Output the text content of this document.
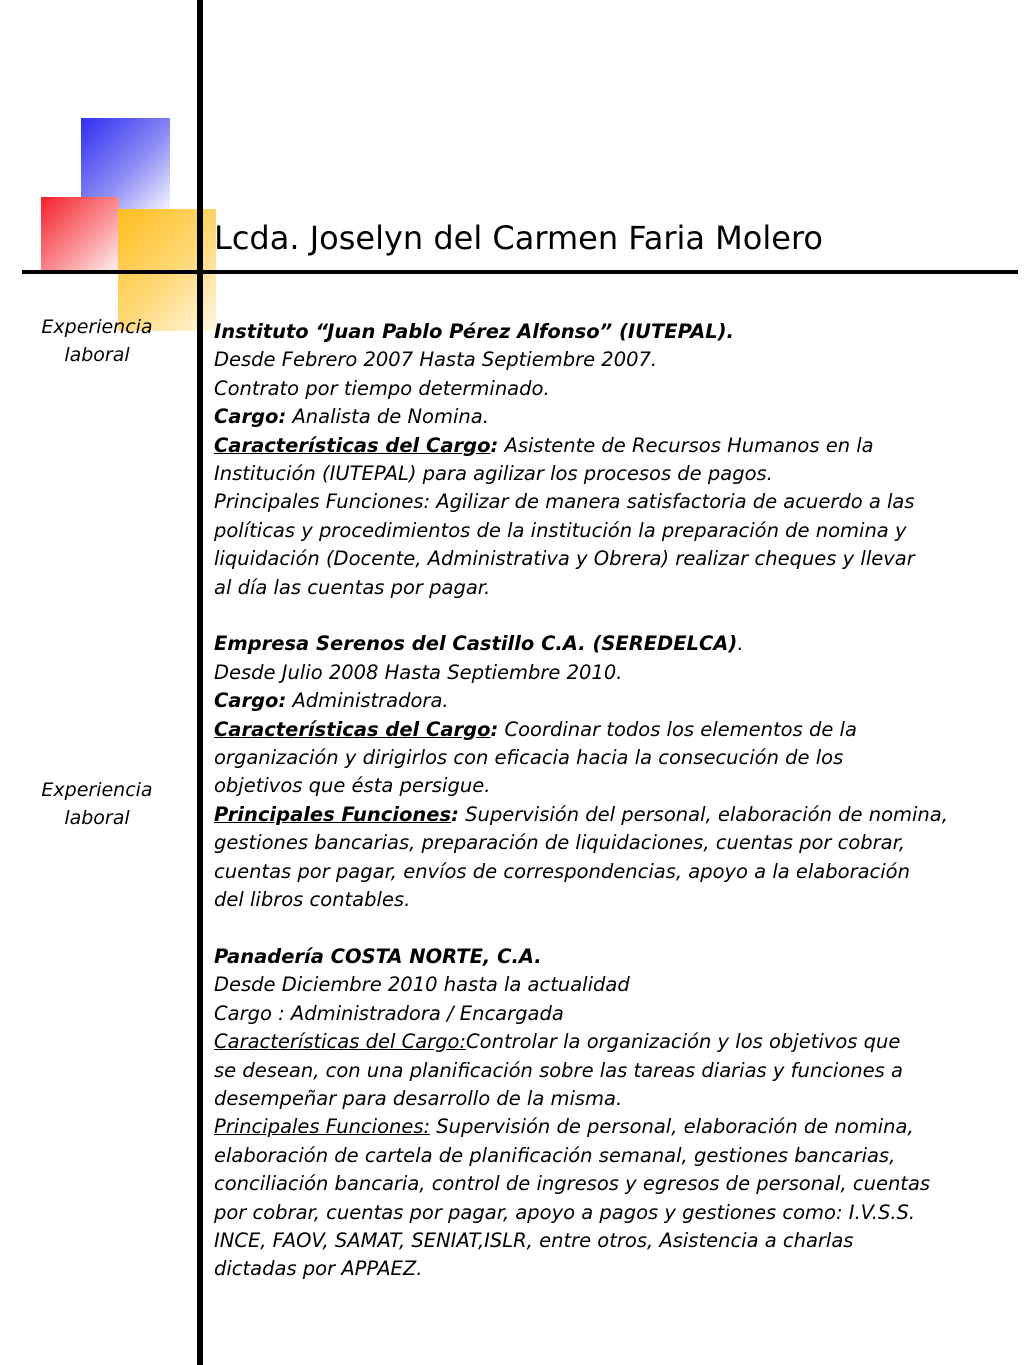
Lcda. Joselyn del Carmen Faria Molero
Experiencia
laboral
Experiencia
laboral
Instituto “Juan Pablo Pérez Alfonso” (IUTEPAL).
Desde Febrero 2007 Hasta Septiembre 2007.
Contrato por tiempo determinado.
Cargo: Analista de Nomina.
Características del Cargo: Asistente de Recursos Humanos en la
Institución (IUTEPAL) para agilizar los procesos de pagos.
Principales Funciones: Agilizar de manera satisfactoria de acuerdo a las
políticas y procedimientos de la institución la preparación de nomina y
liquidación (Docente, Administrativa y Obrera) realizar cheques y llevar
al día las cuentas por pagar.
Empresa Serenos del Castillo C.A. (SEREDELCA).
Desde Julio 2008 Hasta Septiembre 2010.
Cargo: Administradora.
Características del Cargo: Coordinar todos los elementos de la
organización y dirigirlos con eficacia hacia la consecución de los
objetivos que ésta persigue.
Principales Funciones: Supervisión del personal, elaboración de nomina,
gestiones bancarias, preparación de liquidaciones, cuentas por cobrar,
cuentas por pagar, envíos de correspondencias, apoyo a la elaboración
del libros contables.
Panadería COSTA NORTE, C.A.
Desde Diciembre 2010 hasta la actualidad
Cargo : Administradora / Encargada
Características del Cargo:Controlar la organización y los objetivos que
se desean, con una planificación sobre las tareas diarias y funciones a
desempeñar para desarrollo de la misma.
Principales Funciones: Supervisión de personal, elaboración de nomina,
elaboración de cartela de planificación semanal, gestiones bancarias,
conciliación bancaria, control de ingresos y egresos de personal, cuentas
por cobrar, cuentas por pagar, apoyo a pagos y gestiones como: I.V.S.S.
INCE, FAOV, SAMAT, SENIAT,ISLR, entre otros, Asistencia a charlas
dictadas por APPAEZ.
